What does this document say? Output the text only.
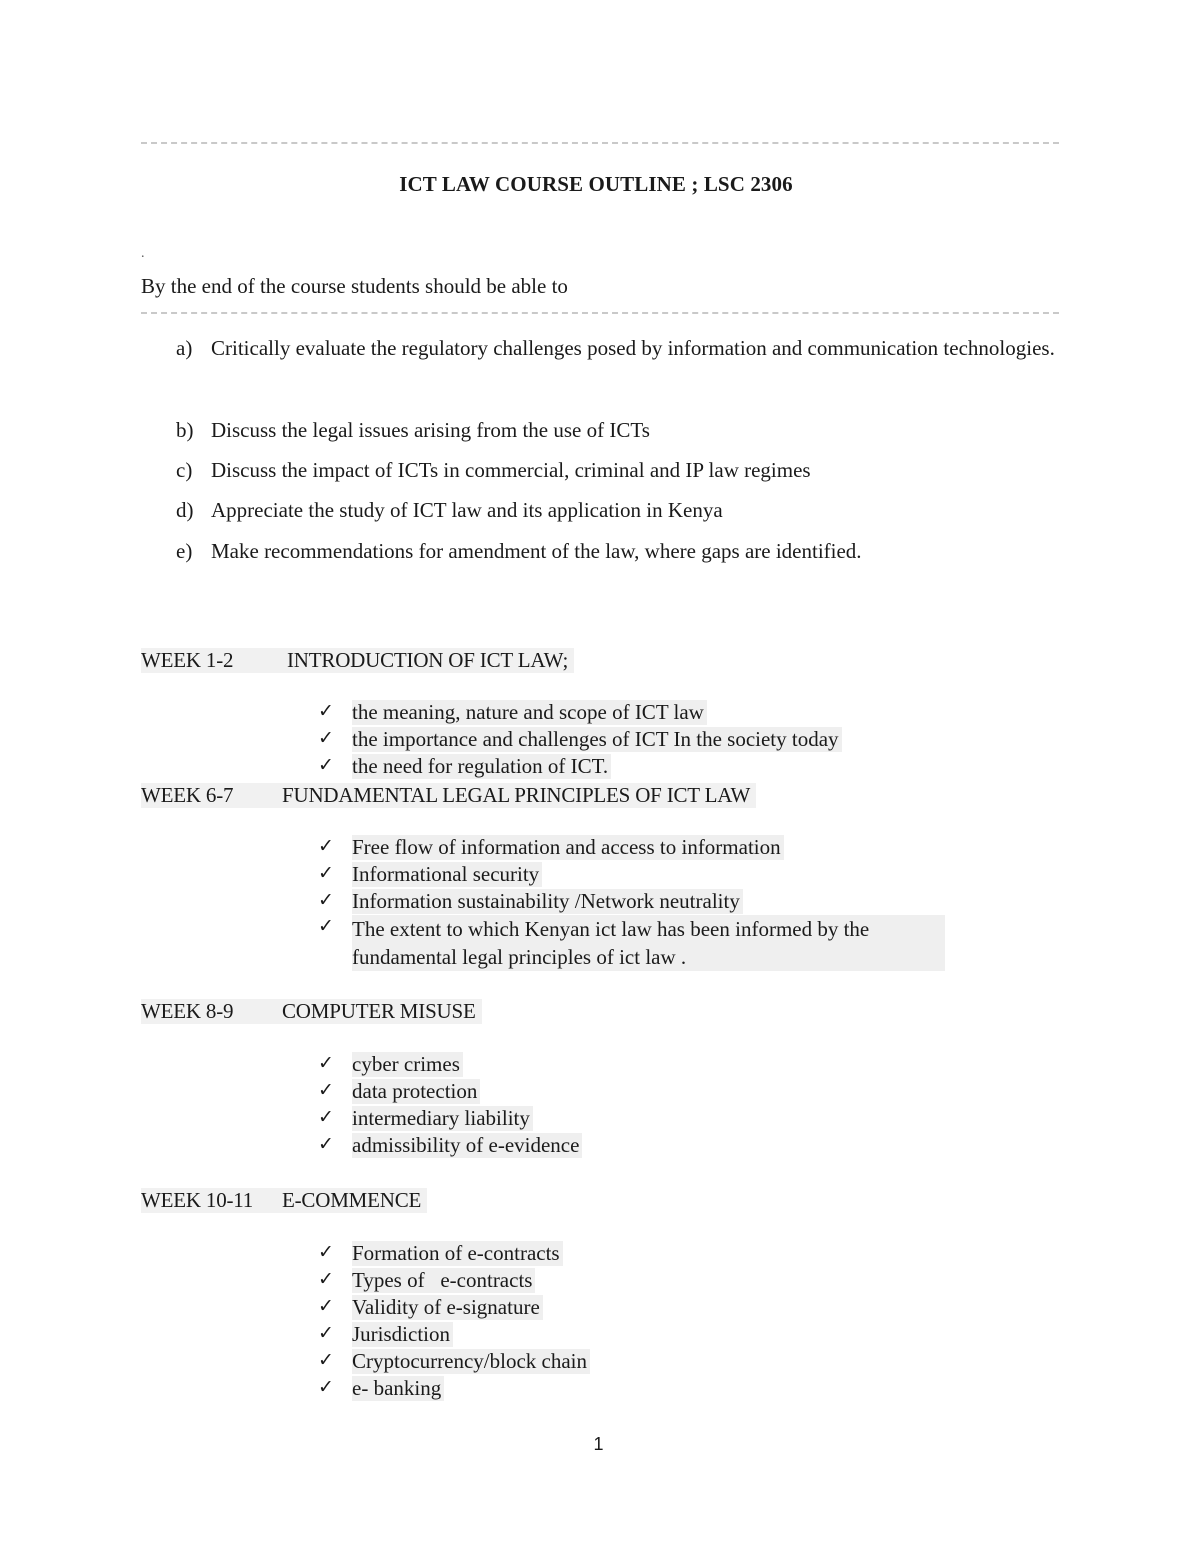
ICT LAW COURSE OUTLINE ; LSC 2306
.
By the end of the course students should be able to
a) Critically evaluate the regulatory challenges posed by information and communication technologies.
b) Discuss the legal issues arising from the use of ICTs
c) Discuss the impact of ICTs in commercial, criminal and IP law regimes
d) Appreciate the study of ICT law and its application in Kenya
e) Make recommendations for amendment of the law, where gaps are identified.
WEEK 1-2	INTRODUCTION OF ICT LAW;
✓ the meaning, nature and scope of ICT law
✓ the importance and challenges of ICT In the society today
✓ the need for regulation of ICT.
WEEK 6-7 FUNDAMENTAL LEGAL PRINCIPLES OF ICT LAW
✓ Free flow of information and access to information
✓ Informational security
✓ Information sustainability /Network neutrality
✓ The extent to which Kenyan ict law has been informed by the fundamental legal principles of ict law .
WEEK 8-9 COMPUTER MISUSE
✓ cyber crimes
✓ data protection
✓ intermediary liability
✓ admissibility of e-evidence
WEEK 10-11 E-COMMENCE
✓ Formation of e-contracts
✓ Types of   e-contracts
✓ Validity of e-signature
✓ Jurisdiction
✓ Cryptocurrency/block chain
✓ e- banking
1
